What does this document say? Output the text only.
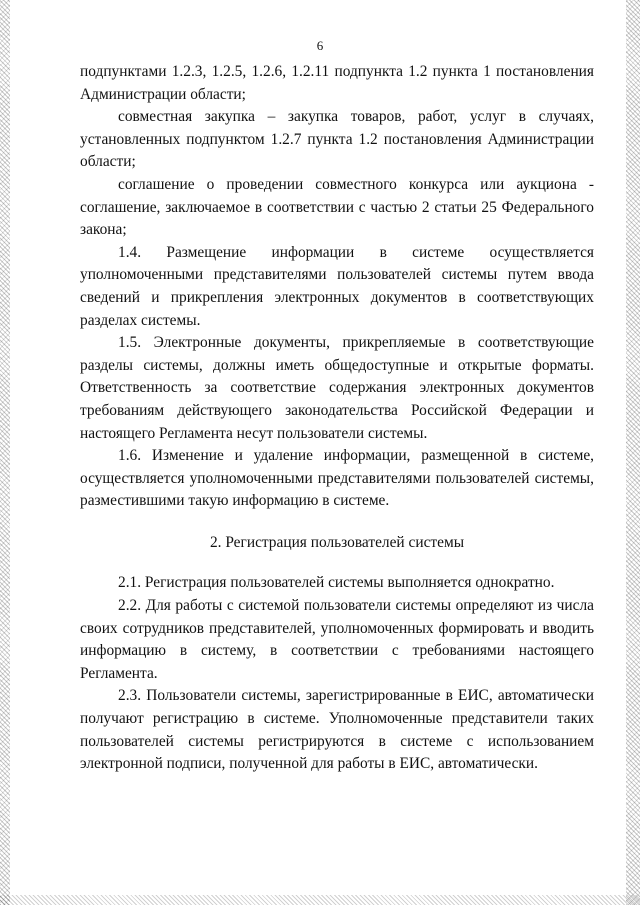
6

подпунктами 1.2.3, 1.2.5, 1.2.6, 1.2.11 подпункта 1.2 пункта 1 постановления Администрации области;

совместная закупка – закупка товаров, работ, услуг в случаях, установленных подпунктом 1.2.7 пункта 1.2 постановления Администрации области;

соглашение о проведении совместного конкурса или аукциона - соглашение, заключаемое в соответствии с частью 2 статьи 25 Федерального закона;

1.4. Размещение информации в системе осуществляется уполномоченными представителями пользователей системы путем ввода сведений и прикрепления электронных документов в соответствующих разделах системы.

1.5. Электронные документы, прикрепляемые в соответствующие разделы системы, должны иметь общедоступные и открытые форматы. Ответственность за соответствие содержания электронных документов требованиям действующего законодательства Российской Федерации и настоящего Регламента несут пользователи системы.

1.6. Изменение и удаление информации, размещенной в системе, осуществляется уполномоченными представителями пользователей системы, разместившими такую информацию в системе.

2. Регистрация пользователей системы

2.1. Регистрация пользователей системы выполняется однократно.

2.2. Для работы с системой пользователи системы определяют из числа своих сотрудников представителей, уполномоченных формировать и вводить информацию в систему, в соответствии с требованиями настоящего Регламента.

2.3. Пользователи системы, зарегистрированные в ЕИС, автоматически получают регистрацию в системе. Уполномоченные представители таких пользователей системы регистрируются в системе с использованием электронной подписи, полученной для работы в ЕИС, автоматически.
